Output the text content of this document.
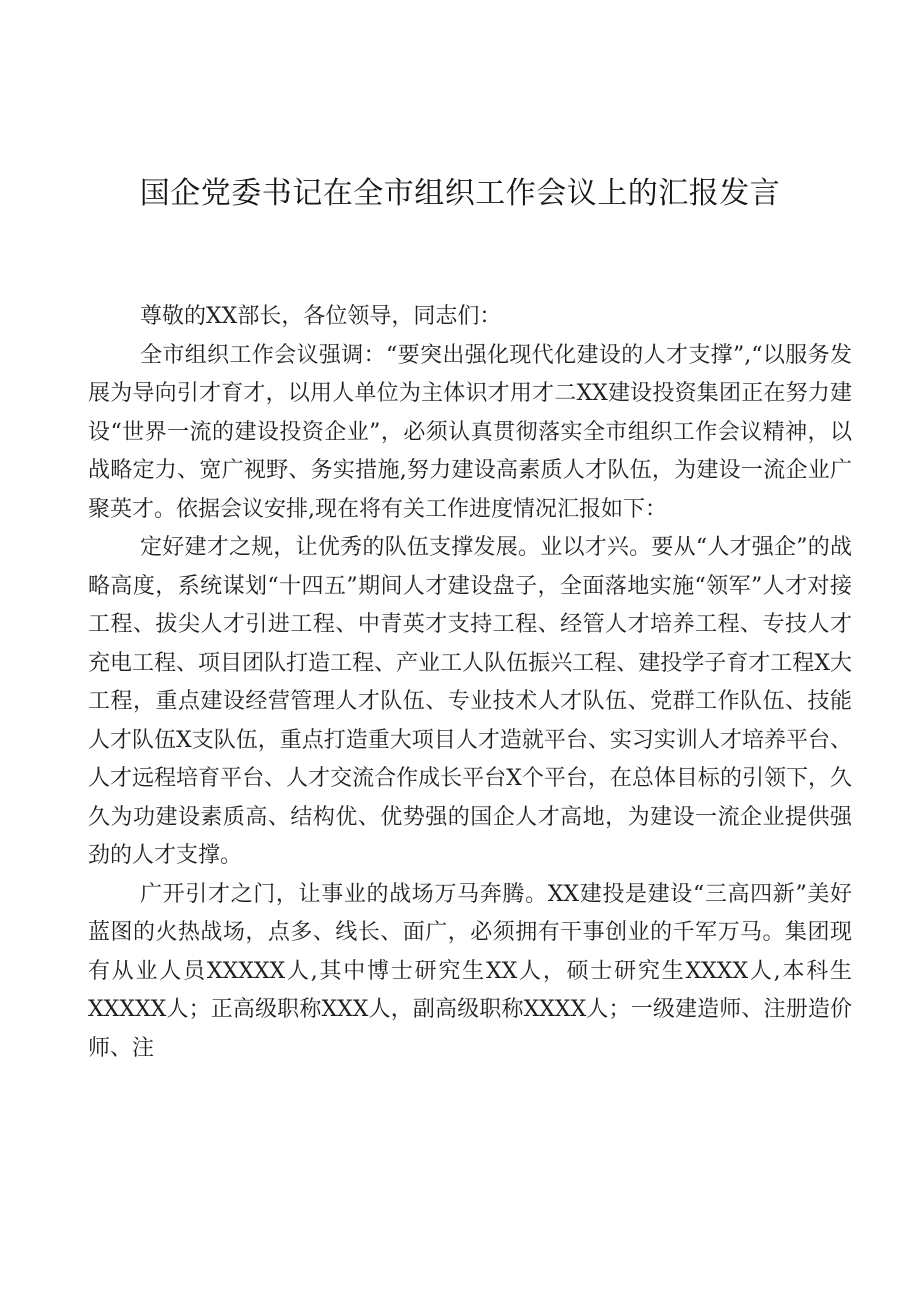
国企党委书记在全市组织工作会议上的汇报发言

尊敬的XX部长，各位领导，同志们：

全市组织工作会议强调：“要突出强化现代化建设的人才支撑”,“以服务发展为导向引才育才，以用人单位为主体识才用才二XX建设投资集团正在努力建设“世界一流的建设投资企业”，必须认真贯彻落实全市组织工作会议精神，以战略定力、宽广视野、务实措施,努力建设高素质人才队伍，为建设一流企业广聚英才。依据会议安排,现在将有关工作进度情况汇报如下：

定好建才之规，让优秀的队伍支撑发展。业以才兴。要从“人才强企”的战略高度，系统谋划“十四五”期间人才建设盘子，全面落地实施“领军”人才对接工程、拔尖人才引进工程、中青英才支持工程、经管人才培养工程、专技人才充电工程、项目团队打造工程、产业工人队伍振兴工程、建投学子育才工程X大工程，重点建设经营管理人才队伍、专业技术人才队伍、党群工作队伍、技能人才队伍X支队伍，重点打造重大项目人才造就平台、实习实训人才培养平台、人才远程培育平台、人才交流合作成长平台X个平台，在总体目标的引领下，久久为功建设素质高、结构优、优势强的国企人才高地，为建设一流企业提供强劲的人才支撑。

广开引才之门，让事业的战场万马奔腾。XX建投是建设“三高四新”美好蓝图的火热战场，点多、线长、面广，必须拥有干事创业的千军万马。集团现有从业人员XXXXX人,其中博士研究生XX人，硕士研究生XXXX人,本科生XXXXX人；正高级职称XXX人，副高级职称XXXX人；一级建造师、注册造价师、注
